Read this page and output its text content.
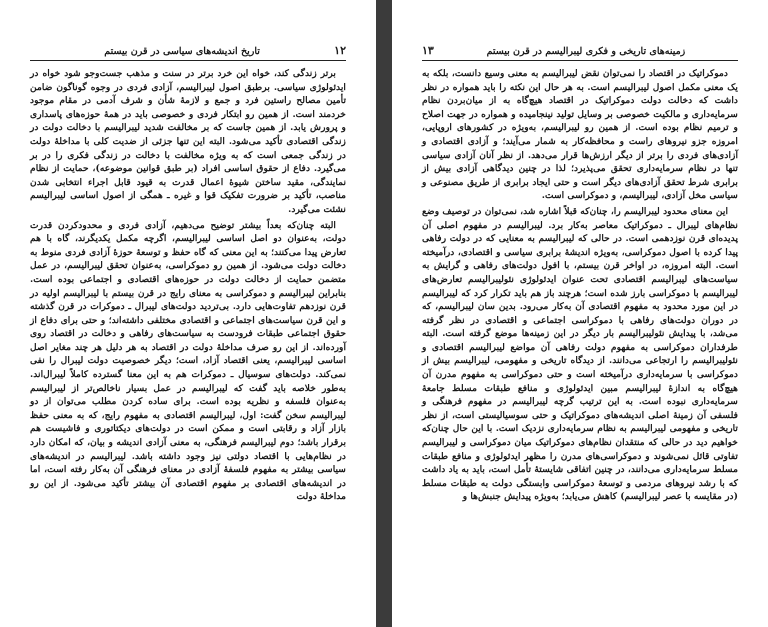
۱۲
تاریخ اندیشه‌های سیاسی در قرن بیستم

برتر زندگی کند، خواه این خرد برتر در سنت و مذهب جست‌وجو شود خواه در ایدئولوژی سیاسی. برطبق اصول لیبرالیسم، آزادی فردی در وجوه گوناگون ضامن تأمین مصالح راستین فرد و جمع و لازمهٔ شأن و شرف آدمی در مقام موجود خردمند است. از همین رو ابتکار فردی و خصوصی باید در همهٔ حوزه‌های پاسداری و پرورش یابد. از همین جاست که بر مخالفت شدید لیبرالیسم با دخالت دولت در زندگی اقتصادی تأکید می‌شود. البته این تنها جزئی از ضدیت کلی با مداخلهٔ دولت در زندگی جمعی است که به ویژه مخالفت با دخالت در زندگی فکری را در بر می‌گیرد. دفاع از حقوق اساسی افراد (بر طبق قوانین موضوعه)، حمایت از نظام نمایندگی، مقید ساختن شیوهٔ اعمال قدرت به قیود قابل اجراء انتخابی شدن مناصب، تأکید بر ضرورت تفکیک قوا و غیره ـ همگی از اصول اساسی لیبرالیسم نشئت می‌گیرد.

البته چنان‌که بعداً بیشتر توضیح می‌دهیم، آزادی فردی و محدودکردن قدرت دولت، به‌عنوان دو اصل اساسی لیبرالیسم، اگرچه مکمل یکدیگرند، گاه با هم تعارض پیدا می‌کنند؛ به این معنی که گاه حفظ و توسعهٔ حوزهٔ آزادی فردی منوط به دخالت دولت می‌شود. از همین رو دموکراسی، به‌عنوان تحقق لیبرالیسم، در عمل متضمن حمایت از دخالت دولت در حوزه‌های اقتصادی و اجتماعی بوده است. بنابراین لیبرالیسم و دموکراسی به معنای رایج در قرن بیستم با لیبرالیسم اولیه در قرن نوزدهم تفاوت‌هایی دارد. بی‌تردید دولت‌های لیبرال ـ دموکرات در قرن گذشته و این قرن سیاست‌های اجتماعی و اقتصادی مختلفی داشته‌اند؛ و حتی برای دفاع از حقوق اجتماعی طبقات فرودست به سیاست‌های رفاهی و دخالت در اقتصاد روی آورده‌اند. از این رو صرف مداخلهٔ دولت در اقتصاد به هر دلیل هر چند مغایر اصل اساسی لیبرالیسم، یعنی اقتصاد آزاد، است؛ دیگر خصوصیت دولت لیبرال را نفی نمی‌کند. دولت‌های سوسیال ـ دموکرات هم به این معنا گسترده کاملاً لیبرال‌اند. به‌طور خلاصه باید گفت که لیبرالیسم در عمل بسیار ناخالص‌تر از لیبرالیسم به‌عنوان فلسفه و نظریه بوده است. برای ساده کردن مطلب می‌توان از دو لیبرالیسم سخن گفت: اول، لیبرالیسم اقتصادی به مفهوم رایج، که به معنی حفظ بازار آزاد و رقابتی است و ممکن است در دولت‌های دیکتاتوری و فاشیست هم برقرار باشد؛ دوم لیبرالیسم فرهنگی، به معنی آزادی اندیشه و بیان، که امکان دارد در نظام‌هایی با اقتصاد دولتی نیز وجود داشته باشد. لیبرالیسم در اندیشه‌های سیاسی بیشتر به مفهوم فلسفهٔ آزادی در معنای فرهنگی آن به‌کار رفته است، اما در اندیشه‌های اقتصادی بر مفهوم اقتصادی آن بیشتر تأکید می‌شود. از این رو مداخلهٔ دولت

زمینه‌های تاریخی و فکری لیبرالیسم در قرن بیستم
۱۳

دموکراتیک در اقتصاد را نمی‌توان نقض لیبرالیسم به معنی وسیع دانست، بلکه به یک معنی مکمل اصول لیبرالیسم است. به هر حال این نکته را باید همواره در نظر داشت که دخالت دولت دموکراتیک در اقتصاد هیچ‌گاه به از میان‌بردن نظام سرمایه‌داری و مالکیت خصوصی بر وسایل تولید نینجامیده و همواره در جهت اصلاح و ترمیم نظام بوده است. از همین رو لیبرالیسم، به‌ویژه در کشورهای اروپایی، امروزه جزو نیروهای راست و محافظه‌کار به شمار می‌آیند؛ و آزادی اقتصادی و آزادی‌های فردی را برتر از دیگر ارزش‌ها قرار می‌دهد. از نظر آنان آزادی سیاسی تنها در نظام سرمایه‌داری تحقق می‌پذیرد؛ لذا در چنین دیدگاهی آزادی بیش از برابری شرط تحقق آزادی‌های دیگر است و حتی ایجاد برابری از طریق مصنوعی و سیاسی مخل آزادی، لیبرالیسم، و دموکراسی است.

این معنای محدود لیبرالیسم را، چنان‌که قبلاً اشاره شد، نمی‌توان در توصیف وضع نظام‌های لیبرال ـ دموکراتیک معاصر به‌کار برد. لیبرالیسم در مفهوم اصلی آن پدیده‌ای قرن نوزدهمی است. در حالی که لیبرالیسم به معنایی که در دولت رفاهی پیدا کرده با اصول دموکراسی، به‌ویژه اندیشهٔ برابری سیاسی و اقتصادی، درآمیخته است. البته امروزه، در اواخر قرن بیستم، با افول دولت‌های رفاهی و گرایش به سیاست‌های لیبرالیسم اقتصادی تحت عنوان ایدئولوژی نئولیبرالیسم تعارض‌های لیبرالیسم با دموکراسی بارز شده است؛ هرچند باز هم باید تکرار کرد که لیبرالیسم در این مورد محدود به مفهوم اقتصادی آن به‌کار می‌رود. بدین سان لیبرالیسم، که در دوران دولت‌های رفاهی با دموکراسی اجتماعی و اقتصادی در نظر گرفته می‌شد، با پیدایش نئولیبرالیسم بار دیگر در این زمینه‌ها موضع گرفته است. البته طرفداران دموکراسی به مفهوم دولت رفاهی آن مواضع لیبرالیسم اقتصادی و نئولیبرالیسم را ارتجاعی می‌دانند. از دیدگاه تاریخی و مفهومی، لیبرالیسم بیش از دموکراسی با سرمایه‌داری درآمیخته است و حتی دموکراسی به مفهوم مدرن آن هیچ‌گاه به اندازهٔ لیبرالیسم مبین ایدئولوژی و منافع طبقات مسلط جامعهٔ سرمایه‌داری نبوده است. به این ترتیب گرچه لیبرالیسم در مفهوم فرهنگی و فلسفی آن زمینهٔ اصلی اندیشه‌های دموکراتیک و حتی سوسیالیستی است، از نظر تاریخی و مفهومی لیبرالیسم به نظام سرمایه‌داری نزدیک است. با این حال چنان‌که خواهیم دید در حالی که منتقدان نظام‌های دموکراتیک میان دموکراسی و لیبرالیسم تفاوتی قائل نمی‌شوند و دموکراسی‌های مدرن را مظهر ایدئولوژی و منافع طبقات مسلط سرمایه‌داری می‌دانند، در چنین اتفاقی شایستهٔ تأمل است، باید به یاد داشت که با رشد نیروهای مردمی و توسعهٔ دموکراسی وابستگی دولت به طبقات مسلط (در مقایسه با عصر لیبرالیسم) کاهش می‌یابد؛ به‌ویژه پیدایش جنبش‌ها و
